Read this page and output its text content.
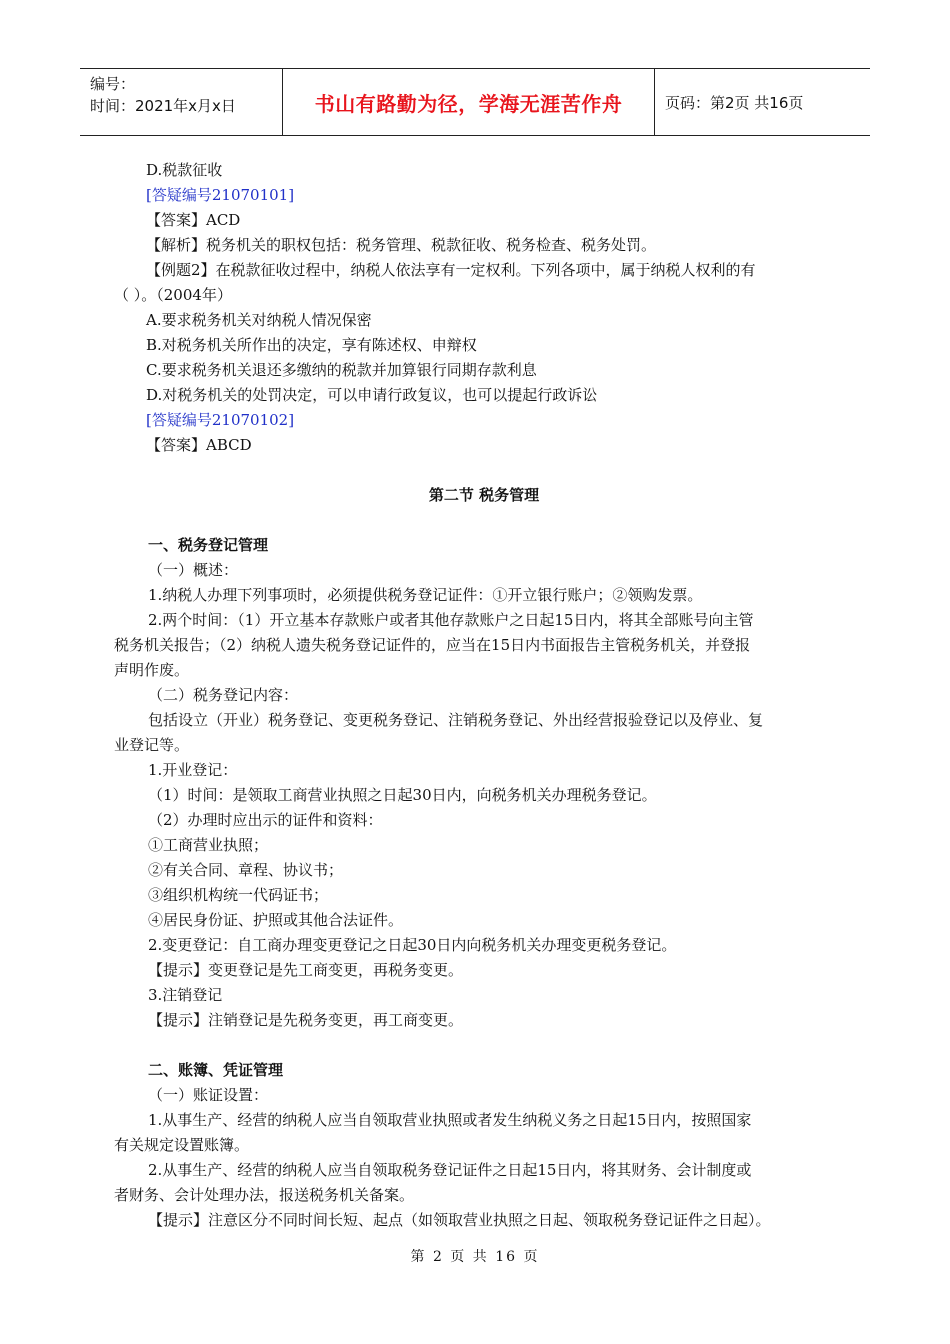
编号：
时间：2021年x月x日	书山有路勤为径，学海无涯苦作舟	页码：第2页 共16页
D.税款征收
[答疑编号21070101]
【答案】ACD
【解析】税务机关的职权包括：税务管理、税款征收、税务检查、税务处罚。
【例题2】在税款征收过程中，纳税人依法享有一定权利。下列各项中，属于纳税人权利的有
（ ）。（2004年）
A.要求税务机关对纳税人情况保密
B.对税务机关所作出的决定，享有陈述权、申辩权
C.要求税务机关退还多缴纳的税款并加算银行同期存款利息
D.对税务机关的处罚决定，可以申请行政复议，也可以提起行政诉讼
[答疑编号21070102]
【答案】ABCD
第二节 税务管理
一、税务登记管理
（一）概述：
1.纳税人办理下列事项时，必须提供税务登记证件：①开立银行账户；②领购发票。
2.两个时间：（1）开立基本存款账户或者其他存款账户之日起15日内，将其全部账号向主管
税务机关报告；（2）纳税人遗失税务登记证件的，应当在15日内书面报告主管税务机关，并登报
声明作废。
（二）税务登记内容：
包括设立（开业）税务登记、变更税务登记、注销税务登记、外出经营报验登记以及停业、复
业登记等。
1.开业登记：
（1）时间：是领取工商营业执照之日起30日内，向税务机关办理税务登记。
（2）办理时应出示的证件和资料：
①工商营业执照；
②有关合同、章程、协议书；
③组织机构统一代码证书；
④居民身份证、护照或其他合法证件。
2.变更登记：自工商办理变更登记之日起30日内向税务机关办理变更税务登记。
【提示】变更登记是先工商变更，再税务变更。
3.注销登记
【提示】注销登记是先税务变更，再工商变更。
二、账簿、凭证管理
（一）账证设置：
1.从事生产、经营的纳税人应当自领取营业执照或者发生纳税义务之日起15日内，按照国家
有关规定设置账簿。
2.从事生产、经营的纳税人应当自领取税务登记证件之日起15日内，将其财务、会计制度或
者财务、会计处理办法，报送税务机关备案。
【提示】注意区分不同时间长短、起点（如领取营业执照之日起、领取税务登记证件之日起）。
第 2 页 共 16 页
